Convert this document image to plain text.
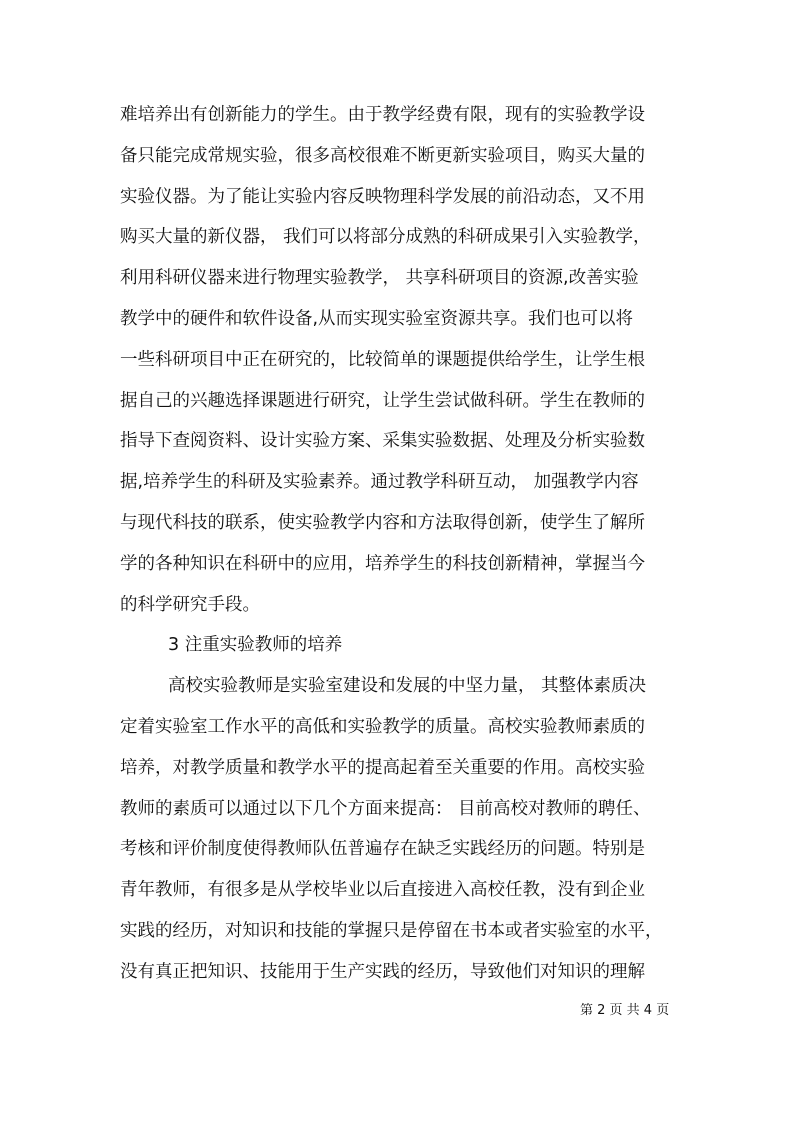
难培养出有创新能力的学生。由于教学经费有限，现有的实验教学设
备只能完成常规实验，很多高校很难不断更新实验项目，购买大量的
实验仪器。为了能让实验内容反映物理科学发展的前沿动态，又不用
购买大量的新仪器， 我们可以将部分成熟的科研成果引入实验教学，
利用科研仪器来进行物理实验教学， 共享科研项目的资源,改善实验
教学中的硬件和软件设备,从而实现实验室资源共享。我们也可以将
一些科研项目中正在研究的，比较简单的课题提供给学生，让学生根
据自己的兴趣选择课题进行研究，让学生尝试做科研。学生在教师的
指导下查阅资料、设计实验方案、采集实验数据、处理及分析实验数
据,培养学生的科研及实验素养。通过教学科研互动， 加强教学内容
与现代科技的联系，使实验教学内容和方法取得创新，使学生了解所
学的各种知识在科研中的应用，培养学生的科技创新精神，掌握当今
的科学研究手段。
3 注重实验教师的培养
高校实验教师是实验室建设和发展的中坚力量， 其整体素质决
定着实验室工作水平的高低和实验教学的质量。高校实验教师素质的
培养，对教学质量和教学水平的提高起着至关重要的作用。高校实验
教师的素质可以通过以下几个方面来提高： 目前高校对教师的聘任、
考核和评价制度使得教师队伍普遍存在缺乏实践经历的问题。特别是
青年教师，有很多是从学校毕业以后直接进入高校任教，没有到企业
实践的经历，对知识和技能的掌握只是停留在书本或者实验室的水平，
没有真正把知识、技能用于生产实践的经历，导致他们对知识的理解
第 2 页 共 4 页
